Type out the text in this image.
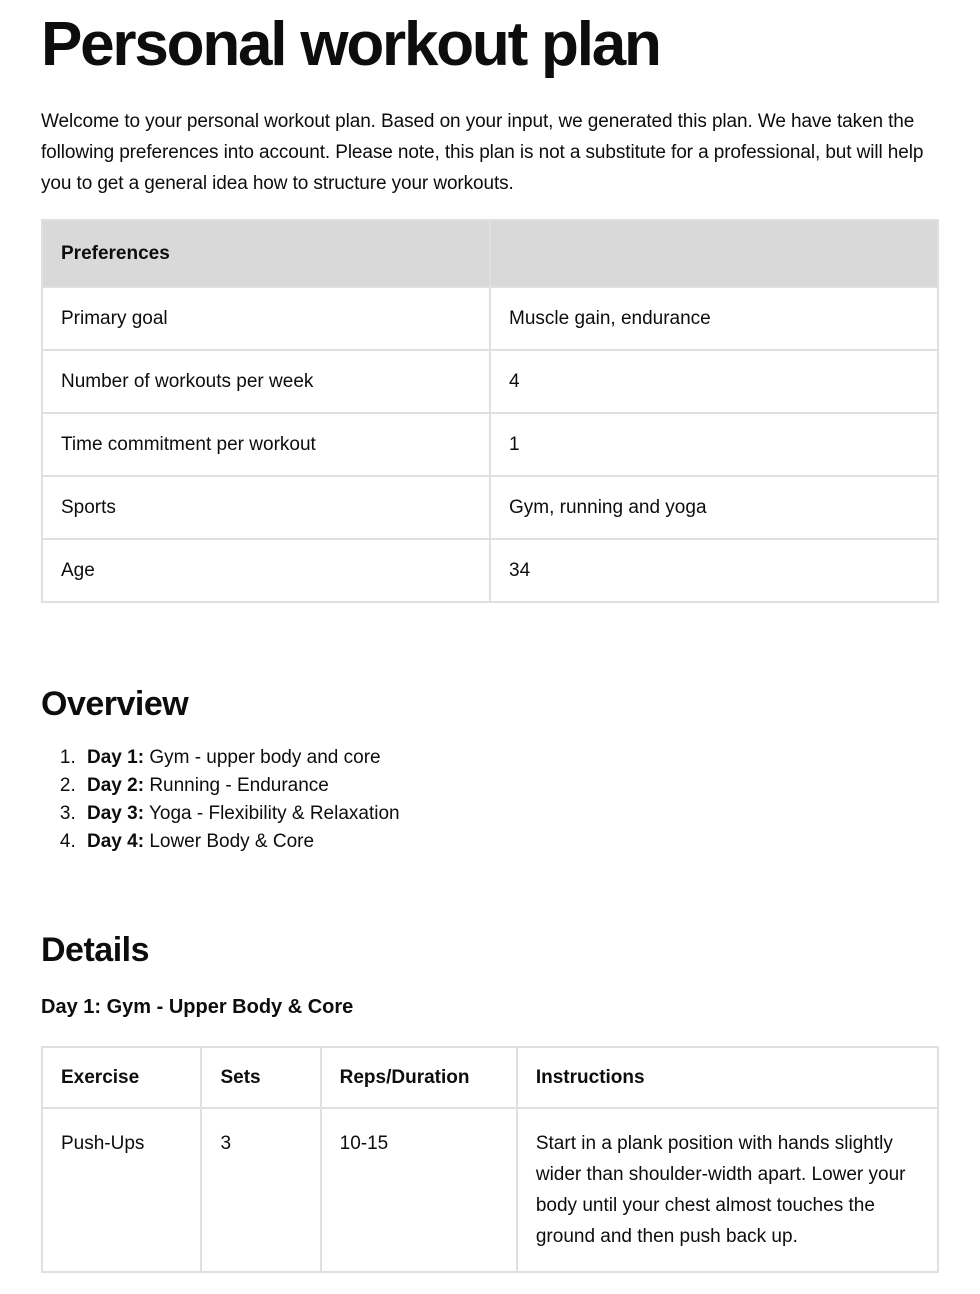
Personal workout plan

Welcome to your personal workout plan. Based on your input, we generated this plan. We have taken the following preferences into account. Please note, this plan is not a substitute for a professional, but will help you to get a general idea how to structure your workouts.

Preferences	
Primary goal	Muscle gain, endurance
Number of workouts per week	4
Time commitment per workout	1
Sports	Gym, running and yoga
Age	34
Overview
1. Day 1: Gym - upper body and core
2. Day 2: Running - Endurance
3. Day 3: Yoga - Flexibility & Relaxation
4. Day 4: Lower Body & Core
Details
Day 1: Gym - Upper Body & Core
Exercise	Sets	Reps/Duration	Instructions
Push-Ups	3	10-15	Start in a plank position with hands slightly wider than shoulder-width apart. Lower your body until your chest almost touches the ground and then push back up.
